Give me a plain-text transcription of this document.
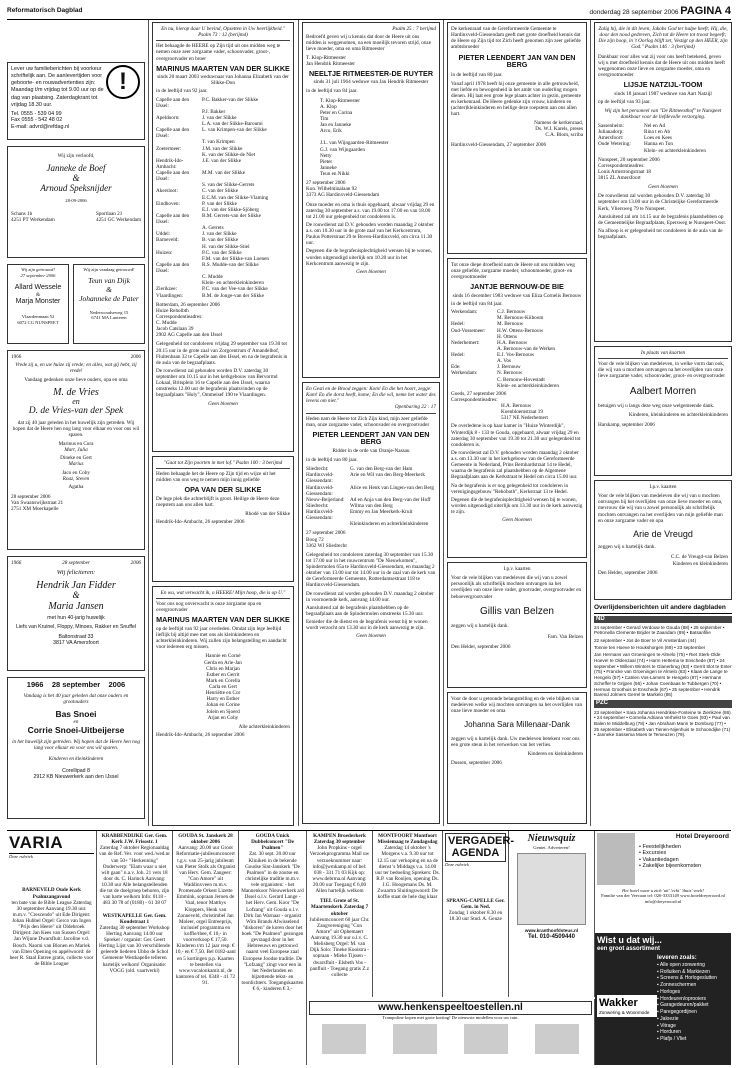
Reformatorisch Dagblad	donderdag 28 september 2006 PAGINA 4
Lever uw familieberichten bij voorkeur schriftelijk aan. De aanlevertijden voor geboorte- en rouwadvertenties zijn: Maandag t/m vrijdag tot 9.00 uur op de dag van plaatsing. Zaterdagkrant tot vrijdag 18.30 uur.
Tel. 0555 - 539 04 99
Fax 0555 - 542 48 02
E-mail: advrd@refdag.nl
!
Wij zijn verloofd,
Janneke de Boef
&
Arnoud Speksnijder
28-09-2006
Schans 1b
4251 PT Werkendam
Sportlaan 21
4251 GC Werkendam
Wij zijn getrouwd!
27 september 2006
Allard Wessele
&
Marja Monster
Vlaardenmaan 52
6072 CG NUNSPEET
Wij zijn vandaag getrouwd!
Teun van Dijk
&
Johanneke de Pater
Nederwoudseweg 15
6741 MA Lunteren
1966	2006
Vrede zij u, en uw huize zij vrede; en alles, wat gij hebt, zij vrede!
Vandaag gedenken onze lieve ouders, opa en oma
M. de Vries
en
D. de Vries-van der Spek
dat zij 40 jaar geleden in het huwelijk zijn getreden. Wij hopen dat de Heere hen nog lang voor elkaar en voor ons wil sparen.
Marinus en Cora
Mart, Julia
Dineke en Gert
Marius
Jaco en Coby
Roaz, Steven
Agatha
28 september 2006
Van Swaanswijkstraat 21
2751 XM Moerkapelle
1966	28 september	2006
Wij feliciteren:
Hendrik Jan Fidder
&
Maria Jansen
met hun 40-jarig huwelijk
Liefs van Kruinel, Floppy, Minoes, Rakker en Snuffel
Baltonstraat 33
3817 VA Amersfoort
1966    28 september    2006
Vandaag is het 40 jaar geleden dat onze ouders en grootouders
Bas Snoei
en
Corrie Snoei-Uitbeijerse
in het huwelijk zijn getreden. Wij hopen dat de Heere hen nog lang voor elkaar en voor ons wil sparen.
Kinderen en kleinkinderen
Corellipad 8
2912 KB Nieuwerkerk aan den IJssel
En nu, hierop daar U bevind, Opzetten in Uw heerlijkheid." Psalm 73 : 12 (berijmd)

Het behaagde de HEERE op Zijn tijd uit ons midden weg te nemen onze zeer zorgzame vader, schoonvader, groot-, overgrootvader en broer

MARINUS MAARTEN VAN DER SLIKKE
sinds 20 maart 2003 weduwnaar van Johanna Elizabeth van der Slikke-Don
in de leeftijd van 92 jaar.
Capelle aan den IJssel:
P.C. Bakker-van der Slikke
P.J. Bakker
Apeldoorn:	J. van der Slikke
L.A. van der Slikke-Baroumi
Capelle aan den IJssel:
L. van Krimpen-van der Slikke
T. van Krimpen
Zoetermeer:	J.M. van der Slikke
K. van der Slikke-de Niet
Hendrik-Ido-Ambacht:
J.E. van der Slikke
Capelle aan den IJssel:
M.M. van der Slikke
S. van der Slikke-Gerrets
Akersloot:	C. van der Slikke
E.C.M. van der Slikke-Vlaming
Eindhoven:	P. van der Slikke
E.J. van der Slikke-Sjöberg
Capelle aan den IJssel:
B.M. Gerrets-van der Slikke
A. Gerrets
Uddel:	J. van der Slikke
Barneveld:	B. van der Slikke
H. van der Slikke-Stiel
Huizen:	P.C. van der Slikke
F.M. van der Slikke-van Loenen
Capelle aan den IJssel:
R.S. Mudde-van der Slikke
C. Mudde
Klein- en achterkleinkinderen
Zierikzee:	P.C. van der Vee-van der Slikke
Vlaardingen:	B.M. de Jonge-van der Slikke
Rotterdam, 26 september 2006
Huize Reholbth
Correspondentieadres:
C. Mudde
Jacob Catslaan 39
2902 AG Capelle aan den IJssel

Gelegenheid tot condoleren vrijdag 29 september van 19.30 tot 20.15 uur in de grote zaal van Zorgcentrum d' Amandelhof, Fluitenbaan 32 te Capelle aan den IJssel, en na de begrafenis in de aula van de begraafplaats.

De rouwdienst zal gehouden worden D.V. zaterdag 30 september om 10.15 uur in het kerkgebouw van Bervormd Lokaal, Britsplein 16 te Capelle aan den IJssel, waarna omstreeks 12.00 uur de begrafenis plaatsvinden op de begraafplaats "Holy", Ommeisef 190 te Vlaardingen.

Geen bloemen
"Gaat tot Zijn poorten in met lof." Psalm 100 : 3 berijmd

Heden behaagde het de Heere op Zijn tijd en wijze uit het midden van ons weg te nemen mijn innig geliefde

OPA VAN DER SLIKKE

De lege plek die achterblijft is groot. Heilige de Heere deze roepstem aan ons allen hart.

Rhodé van der Slikke
Hendrik-Ido-Ambacht, 26 september 2006
En wu, wat verwacht ik, o HEERE! Mijn hoop, die is op U."

Voor ons nog onverwacht is onze zorgzame opa en overgrootvader

MARINUS MAARTEN VAN DER SLIKKE

op de leeftijd van 92 jaar overleden. Omdat zijn lege leeftijd lieflijk bij altijd mee met ons als kleinkinderen en achterkleinkinderen. Wij zullen zijn belangstelling en aandacht voor iedereen erg missen.

Hannie en Corné
Gerda en Arie-Jan
Chris en Marjan
Esther en Gerrit
Mark en Corella
Carla en Gert
Henriëtte en Cor
Harry en Esther
Johan en Corine
Jolein en Sjoerd
Arjan en Coby
Alle achterkleinkinderen
Hendrik-Ido-Ambacht, 26 september 2006
Psalm 25 : 7 berijmd

Bedroefd geven wij u kennis dat door de Heere uit ons midden is weggenomen, na een moeilijk tevoren strijd, onze lieve moeder, oma en oma Ritmeester

T. Klop-Ritmeester
Jan Hendrik Ritmeester
NEELTJE RITMEESTER-DE RUYTER
sinds 31 juli 1964 weduwe van Jan Hendrik Ritmeester
in de leeftijd van 84 jaar.
T. Klop-Ritmeester
A. Klop
Peter en Corina
Tim
Jan en Janneke
Arco, Erik

J.L. van Wijngaarden-Ritmeester
G.J. van Wijngaarden
Netty
Pieter
Janneke
Teun en Nikki
27 september 2006
Kon. Wilhelminalaan 92
3373 AG Hardinxveld-Giessendam

Onze moeder en oma is thuis opgebaard, alwaar vrijdag 29 en zaterdag 30 september a.s. van 19.00 tot 17.00 en van 18.00 tot 21.00 uur gelegenheid tot condoleren is.

De rouwdienst zal D.V. gehouden worden maandag 2 oktober a.s. om 10.30 uur in de grote zaal van het Kerkcentrum, Paulus Potterstraat 29 te Boven-Hardinxveld, om circa 11.30 uur.

Degenen die de begrafenisplechtigheid wensen bij te wonen, worden uitgenodigd uiterlijk om 10.20 uur in het Kerkcentrum aanwezig te zijn.

Geen bloemen
En Gesti en de Brood zeggen: Kom! En die het hoort, zegge: Kom! En die dorst heeft, kome; En die wil, neme het water des levens om niet."
Openbaring 22 : 17

Heden nam de Heere tot Zich Zijn kind, mijn zeer geliefde man, onze zorgzame vader, schoonvader en overgrootvader

PIETER LEENDERT JAN VAN DEN BERG
Ridder in de orde van Oranje-Nassau
in de leeftijd van 80 jaar.
Sliedrecht:	G. van den Berg-van der Ham
Hardinxveld-Giessendam:
Arie en Wil van den Berg-Meerkerk
Hardinxveld-Giessendam:
Alice en Henk van Lingen-van den Berg
Nieuw-Beijerland:	Ad en Anja van den Berg-van der Hoff
Sliedrecht:	Wilma van den Berg
Hardinxveld-Giessendam:
Emmy en Jan Meerkerk-Kruit
Kleinkinderen en achterkleinkinderen
27 september 2006
Boog 72
3362 WJ Sliedrecht

Gelegenheid tot condoleren zaterdag 30 september van 15.30 tot 17.00 uur in het rouwcentrum "De Nieuwkomen", Spindermolen 65a te Hardinxveld-Giessendam, en maandag 2 oktober van 13.00 uur tot 14.00 uur in de zaal van de kerk van de Gereformeerde Gemeente, Rotterdamsestraat 118 te Hardinxveld-Giessendam.

De rouwdienst zal worden gehouden D.V. maandag 2 oktober in voornoemde kerk, aanvang 14.00 uur.

Aansluitend zal de begrafenis plaatshebben op de begraafplaats aan de Spindermolen omstreeks 15.30 uur.

Eenieder die de dienst en de begrafenis wenst bij te wonen wordt verzocht om 13.30 uur in de kerk aanwezig te zijn.

Geen bloemen

De kerkenraad van de Gereformeerde Gemeente te Hardinxveld-Giessendam geeft met grote droefheid kennis dat de Heere op Zijn tijd tot Zich heeft genomen zijn zeer geliefde ambtsbroeder

PIETER LEENDERT JAN VAN DEN BERG
in de leeftijd van 80 jaar.

Vanaf april 1978 heeft hij onze gemeente in alle getrouwheid, met liefde en bewogenheid in het ambt van ouderling mogen dienen. Hij laat een grote lege plaats achter in gezin, gemeente en kerkenraad. De Heere gedenke zijn vrouw, kinderen en (achter)kleinkinderen en heilige deze roepstem aan ons allen hart.

Namens de kerkenraad,
Ds. W.J. Karels, preses
C.A. Blom, scriba
Hardinxveld-Giessendam, 27 september 2006

Tot onze diepe droefheid nam de Heere uit ons midden weg onze geliefde, zorgzame moeder, schoonmoeder, groot- en overgrootmoeder

JANTJE BERNOUW-DE BIE
sinds 16 december 1983 weduwe van Eliza Cornelis Bernouw
in de leeftijd van 84 jaar.
Werkendam:	C.J. Bernouw
M. Bernouw-Kiiboom
Hedel:	M. Bernouw
Oud-Vossemeer:	H.W. Ottens-Bernouw
H. Ottens
Nederhemert:	H.A. Bernouw
A. Bernouw-van de Werken
Hedel:	E.J. Vos-Bernouw
A. Vos
Ede:	J. Bernouw
Werkendam:	N. Bernouw
C. Bernouw-Hovestadt
Klein- en achterkleinkinderen
Goeds, 27 september 2006
Correspondentieadres:
H.A. Bernouw
Koenbloemstraat 19
5317 NE Nederhemert

De overledene is op haar kamer in "Huize Winterdijk", Winterdijk 8 - 133 te Gouda, opgebaard, alwaar vrijdag 29 en zaterdag 30 september van 19.30 tot 21.30 uur gelegenheid tot condoleren is.

De rouwdienst zal D.V. gehouden worden maandag 2 oktober a.s. om 13.30 uur in het kerkgebouw van de Gereformeerde Gemeente in Nederland, Prins Bernhardstraat 14 te Hedel, waarna de begrafenis zal plaatshebben op de Algemene Begraafplaats aan de Kerkstraat te Hedel om circa 15.00 uur.

Na de begrafenis is er nog gelegenheid tot condoleren in verenigingsgebouw "Rehoboth", Kerkstraat 13 te Hedel.

Degenen die de begrafenisplechtigheid wensen bij te wonen, worden uitgenodigd uiterlijk om 13.30 uur in de kerk aanwezig te zijn.

Geen bloemen
I.p.v. kaarten

Voor de vele blijken van medeleven die wij van u zowel persoonlijk als schriftelijk mochten ontvangen na het overlijden van onze lieve vader, grootvader, overgrootvader en behoevergrootvader

Gillis van Belzen
zeggen wij u hartelijk dank.
Fam. Van Belzen
Den Helder, september 2006

Voor de door u getoonde belangstelling en de vele blijken van medeleven welke wij mochten ontvangen na het overlijden van onze lieve moeder en oma

Johanna Sara Millenaar-Dank

zeggen wij u hartelijk dank. Uw medeleven betekent voor ons een grote steun in het verwerken van het verlies.

Kinderen en kleinkinderen
Dussen, september 2006
Zalig hij, die in dit leven, Jakobs God ter hulpe heeft; Hij, die, door den nood gedreven, Zich tot de Heere tot troost begeeft; Die zijn hoop, in 't Oorlog blijft zet, Vestigt op den HEER, zijn God." Psalm 146 : 3 (berijmd)

Dankbaar voor alles wat zij voor ons heeft betekend, geven wij u met droefheid kennis dat de Heere uit ons midden heeft weggenomen onze lieve en zorgzame moeder, oma en overgrootmoeder

LIJSJE NATZIJL-TOOM
sinds 18 januari 1987 weduwe van Aart Natzijl
op de leeftijd van 93 jaar.
Wij zijn het personeel van "De Ritmeesthof" te Nunspeet dankbaar voor de liefdevolle verzorging.
Sassenheim:	Nel en Ad
Julianadorp:	Rina t en Ab
Amersfoort:	Loes en Kees
Oude Wetering:	Hanna en Ton
Klein- en achterkleinkinderen
Nunspeet, 20 september 2006
Correspondentieadres:
Louis Armstrongstraat 18
3815 ZL Amersfoort
Geen bloemen

De rouwdienst zal worden gehouden D.V. zaterdag 30 september om 13.00 uur in de Christelijke Gereformeerde Kerk, Vliersweg 79 te Nunspeet.

Aansluitend zal om 14.15 uur de begrafenis plaatshebben op de Gemeentelijke Begraafplaats, Epersweg te Nunspeet-Oost.

Na afloop is er gelegenheid tot condoleren in de aula van de begraafplaats.

In plaats van kaarten

Voor de vele blijken van medeleven, in welke vorm dan ook, die wij van u mochten ontvangen na het overlijden van onze lieve zorgzame vader, schoonvader, groot- en overgrootvader

Aalbert Morren

betuigen wij u langs deze weg onze welgemeende dank.

Kinderen, kleinkinderen en achterkleinkinderen
Harskamp, september 2006
I.p.v. kaarten

Voor de vele blijken van medeleven die wij van u mochten ontvangen bij het overlijden van onze lieve moeder en oma, mevrouw die wij van u zowel persoonlijk als schriftelijk mochten ontvangen na het overlijden van mijn geliefde man en onze zorgzame vader en opa

Arie de Vreugd
zeggen wij u hartelijk dank.
C.C. de Vreugd-van Belzen
Kinderen en kleinkinderen
Den Helder, september 2006
Overlijdensberichten uit andere dagbladen
ND
24 september • Gerard Verdouw te Gouda (88) • 25 september • Petronella Clemente Brijder te Zaandam (89) • Batsanfilie
22 september • Jos de Boer te Vil Amsterdam (44)
Tonnie ten Hoeve te Houkshorgen (69) • 23 september
Jan Hermans van Groeningen te Almelo (75) • Riet Sterk-Olde Hoeve! te Oldenzaal (74) • Harm Hettema te Enschede (87) • 24 september • Willem Winters te Glanerbrug (83) • Gerrit Slot te Enter (75) • Francke van Groeningen te Almelo (83) • Klaas de Lange te Hengelo (57) • Catrien Vos-Lamers te Hengelo (87) • Hermann Scheffer te Grijpen (56) • Johan Coenbaas te Tubbergen (70) • Herman Groothuis te Enschede (67) • 25 september • Hendrik Barend Jolmers Gerrel te Markelo (86)
PZC
23 september • Sara Johanna Hendrikse-Fonteine te Zierikzee (86) • 24 september • Cornelia Adriana Verhelst te Goes (93) • Paul van Balen te Middelburg (78) • Jan Abraham Mann te Domburg (77) • 25 september • Elisabeth van Tienen-Nijenhuis te Schoondijke (71) • Janneke Sassema Moes te Temeuzen (79).
VARIA
Deze rubriek
BARNEVELD Oude Kerk Psalmzangavond
ten bate van de Bible League Zaterdag 30 september Aanvang 19.30 uur. m.m.v. "Crescendo" uit Ede Dirigent: Johan Hubbel Orgel: Gerco van Ingen "Prijs den Heere" uit Oldebroek Dirigent: Jan Kees van Sussen Orgel: Jan Wijnne Dwarsfluit: Jacoline v.d. Bosch. Naomi van Blonen en Mariek van Elten Opening en appèlwoord: de heer R. Staal Entree gratis, collecte voor de Bible League
KRABBENDIJKE Ger. Gem. Kerk J.W. Frisostr. 1
Zaterdag 7 oktober Regionaaldag van de Ref. Ver. voor wed./wed.nr van 50+ "Herkenning" Onderwerp: "Elam waar u niet wilt gaan" n.a.v. Joh. 21 vers 18 door ds. C. Harinck Aanvang: 10.30 uur Alle belangstellenden die tot de doelgroep behoren, zijn van harte welkom Info: 0118 - 483 30 78 of (0180) - 61 38 07
WESTKAPELLE Ger. Gem. Koudstraat 1
Zaterdag 30 september Workshop Herting Aanvang 14.00 uur Spreker / organist: Ger. Geert Herting Lijst van 30 verschillende geleerde liederen Ubbo de Schol Gemeente Westkapelle telleren hartelijk welkom! Organisatie: VOGG (old. vaartverkl)
GOUDA St. Janskerk 28 oktober 2006
Aanvang: 20.00 uur Groot Reformatie-jubileumconcert t.g.v. van 25-jarig jubileum van Pieter Stolk als Organist van Herv. Gem. Zangeer: "Con Amore" uit Waddinxveen m.m.v. Promenade Orkest Lizette Emmink, sopraan Jeroen de Vaal, tenor Matthys Kloppers, Henk van Zonneveld, christimbel Jan Moleer, orgel Entreeprijs, inclusief programma en koffie/thee, € 10,- in voorverkoop € 17,50. Kinderen t/m 12 jaar resp. € 10,- en € 7,50. Bel 0182-aanl en 5 kortingen p.p. Kaarten te bestellen via www.vocalonkamit.nl, de kantoren of tel. 0348 - 41 72 91.
GOUDA Unick Dubbelconcert "De Psalmen"
Zat. 30 sept. 20.00 uur Kliniken in de bekende Goudse Sint-Janskerk "De Psalmen" in de zoutse en christelijke traditie m.m.v. vele organisten: - het Mannenkoor Nieuwerkerk a/d IJssel o.l.v. Gerard Lange - het Herv. Gem. Koor "De Lofzang" uit Gouda o.l.v. Dirk Jan Warnaar - organist Wim Brands Afwisselend "diskoren" de koren door het boek "De Psalmen" gezongen gevraagd door in het Hebreeuws en getrouwd naarst veel Europese zaal Europese Joodse traditie. De "Lofzang" zingt voor een in het Nederlanden en bijzettende tekst- en toonlichters. Toegangskaarten € 6,- kinderen € 3,-
KAMPEN Broederkerk Zaterdag 30 september
John Propkins - orgel Verzoekprogramma Mail uw verzoeknummer naar: info@jwmkamp.nl of bel: 038 - 331 71 03 Kijk op: www.debrma.nl Aanvang: 20.00 uur Toegang € 6,00 Allen hartelijk welkom
TIEL Grote of St. Maartenskerk Zaterdag 7 oktober
Jubileumconcert 60 jaar Chr. Zangvereniging "Con Amore" uit Ophemaert Aanvang 19.30 uur o.l.v. C. Melisberg Orgel: M. van Dijk Solo: Tineke Kooistra - sopraan - Mieke Tijssen - dwarsfluit - Elsbeth Vos - panfluit - Toegang gratis Z.z collecte
MONTFOORT Montfoort Missiemaag te Zondagsdag
Zaterdag 14 oktober 's Morgens v.a. 9.30 uur tot 12.15 uur verkoping en na de dienst 's Middags v.a. 14.00 uur ter bedoeling Sprekers: Ds. R.P. van Rooijen, opening Ds. J.G. Hoogemans Ds. M. Zwaartra Sluitingswoord: De koffie staat de hele dag klaar
VERGADER-AGENDA
Deze rubriek
SPRANG-CAPELLE Ger. Gem. in Ned.
Zondag 1 oktober 8.30 en 18.30 uur Stud. A. Geuze
Nieuwsquiz
Geniet. Adverteren!
www.kranthoofdsteus.nl
Tel. 010-4509440
Hotel Dreyeroord
• Feestelijkheden
• Excursies
• Vakantiedagen
• Zakelijke bijeenkomsten
Het hotel waar u zich 'uit' 'echt' 'thuis' voelt!
Familie van der Veecaan tel: 026-3333149 www.hoteldreyeroord.nl info@dreyeroord.nl
www.henkenspeeltoestellen.nl
Trampoline kopen met grote korting! De nieuwste modellen voor uw tuin.
Wist u dat wij...
een groot assortiment
Wakker
Zonwering & Woonmode
leveren zoals:
▪ Alle open zonwering
▪ Rolluiken & Markiezen
▪ Screens & Horlogeslutten
▪ Zonneschermen
▪ Horloges
▪ Hordeuren/oprooiers
▪ Garagedeuren/pakket
▪ Paregegordijnen
▪ Jaloezie
▪ Vitrage
▪ Horduren
▪ Plafjs / Vliet
